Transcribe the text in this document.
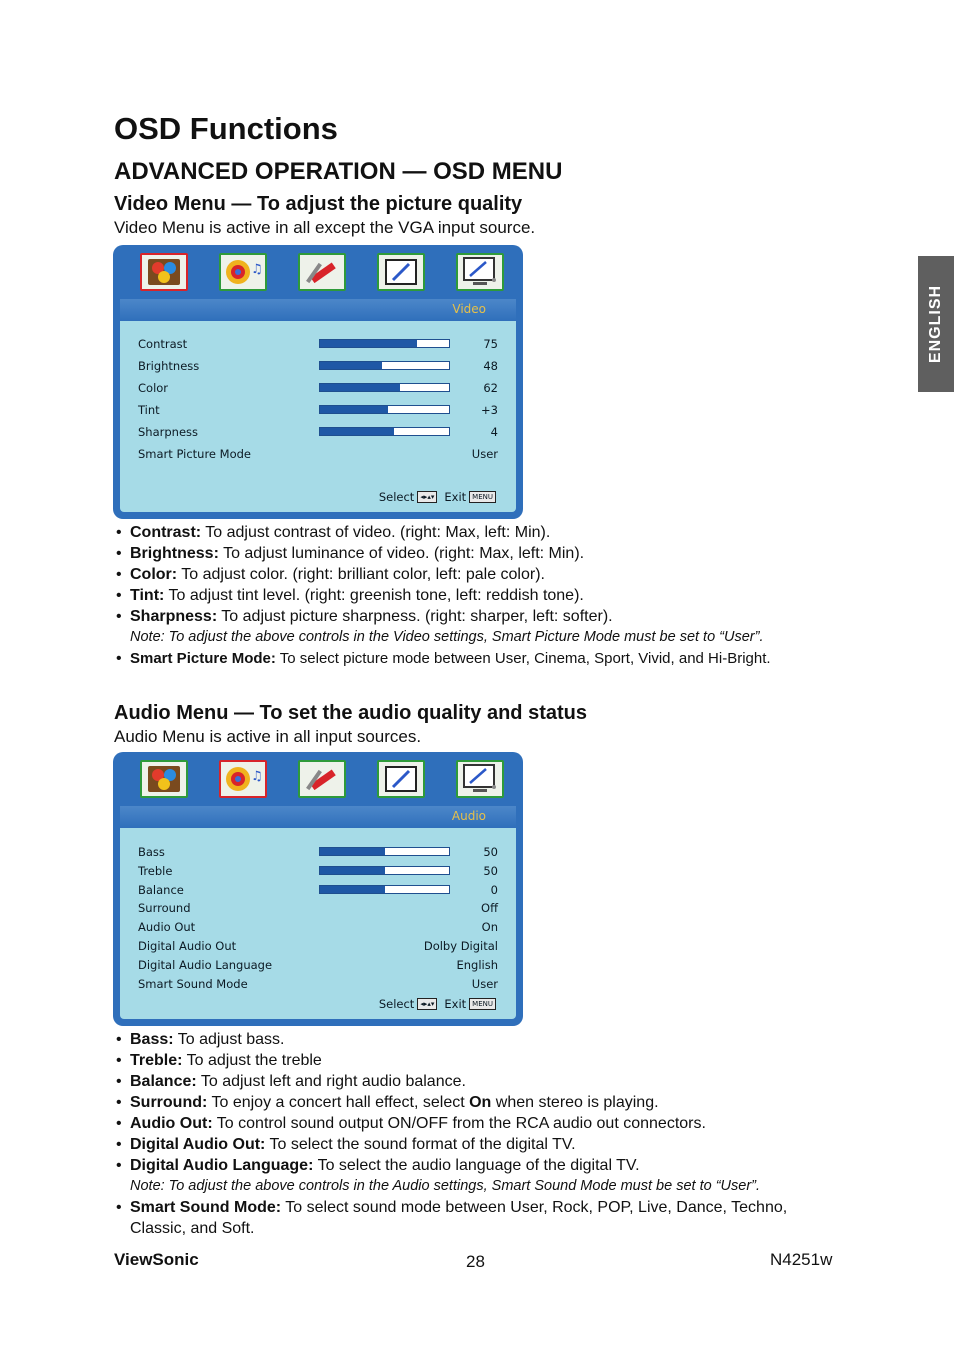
OSD Functions
ADVANCED OPERATION — OSD MENU
ENGLISH
Video Menu — To adjust the picture quality

Video Menu is active in all except the VGA input source.

♫
Video
Contrast	75
Brightness	48
Color	62
Tint	+3
Sharpness	4
Smart Picture Mode	User
Select ◂▸▴▾ Exit MENU
• Contrast: To adjust contrast of video. (right: Max, left: Min).
• Brightness: To adjust luminance of video. (right: Max, left: Min).
• Color: To adjust color. (right: brilliant color, left: pale color).
• Tint: To adjust tint level. (right: greenish tone, left: reddish tone).
• Sharpness: To adjust picture sharpness. (right: sharper, left: softer).
Note: To adjust the above controls in the Video settings, Smart Picture Mode must be set to “User”.
• Smart Picture Mode: To select picture mode between User, Cinema, Sport, Vivid, and Hi-Bright.
Audio Menu — To set the audio quality and status

Audio Menu is active in all input sources.

♫
Audio
Bass	50
Treble	50
Balance	0
Surround	Off
Audio Out	On
Digital Audio Out	Dolby Digital
Digital Audio Language	English
Smart Sound Mode	User
Select ◂▸▴▾ Exit MENU
• Bass: To adjust bass.
• Treble: To adjust the treble
• Balance: To adjust left and right audio balance.
• Surround: To enjoy a concert hall effect, select On when stereo is playing.
• Audio Out: To control sound output ON/OFF from the RCA audio out connectors.
• Digital Audio Out: To select the sound format of the digital TV.
• Digital Audio Language: To select the audio language of the digital TV.
Note: To adjust the above controls in the Audio settings, Smart Sound Mode must be set to “User”.
• Smart Sound Mode: To select sound mode between User, Rock, POP, Live, Dance, Techno, Classic, and Soft.
ViewSonic	28	N4251w
